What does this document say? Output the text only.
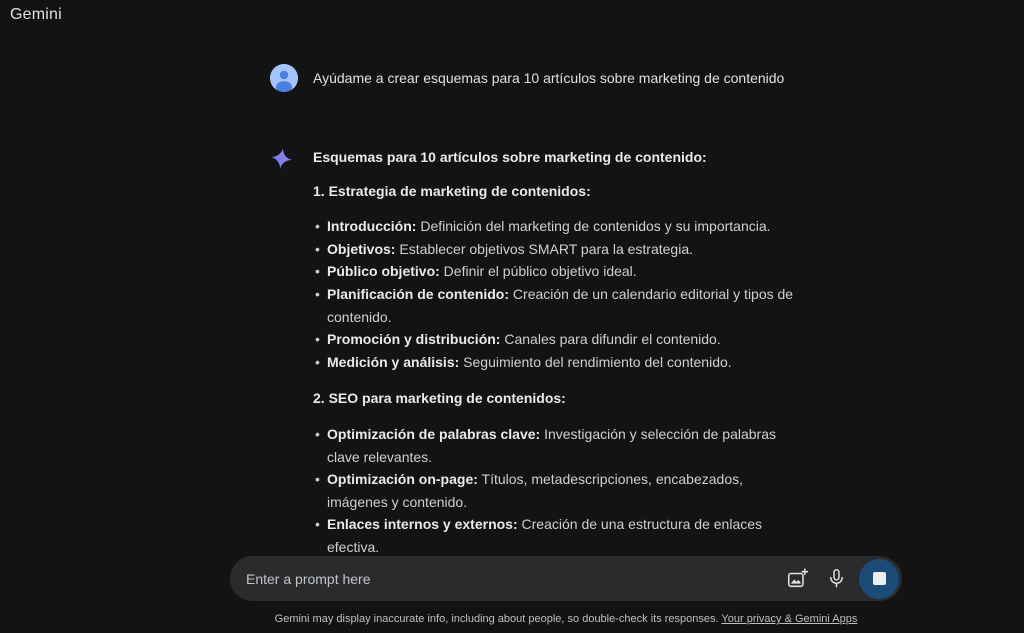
Gemini
Ayúdame a crear esquemas para 10 artículos sobre marketing de contenido
Esquemas para 10 artículos sobre marketing de contenido:
1. Estrategia de marketing de contenidos:
• Introducción: Definición del marketing de contenidos y su importancia.
• Objetivos: Establecer objetivos SMART para la estrategia.
• Público objetivo: Definir el público objetivo ideal.
• Planificación de contenido: Creación de un calendario editorial y tipos de contenido.
• Promoción y distribución: Canales para difundir el contenido.
• Medición y análisis: Seguimiento del rendimiento del contenido.
2. SEO para marketing de contenidos:
• Optimización de palabras clave: Investigación y selección de palabras clave relevantes.
• Optimización on-page: Títulos, metadescripciones, encabezados, imágenes y contenido.
• Enlaces internos y externos: Creación de una estructura de enlaces efectiva.
•
Enter a prompt here
Gemini may display inaccurate info, including about people, so double-check its responses. Your privacy & Gemini Apps
